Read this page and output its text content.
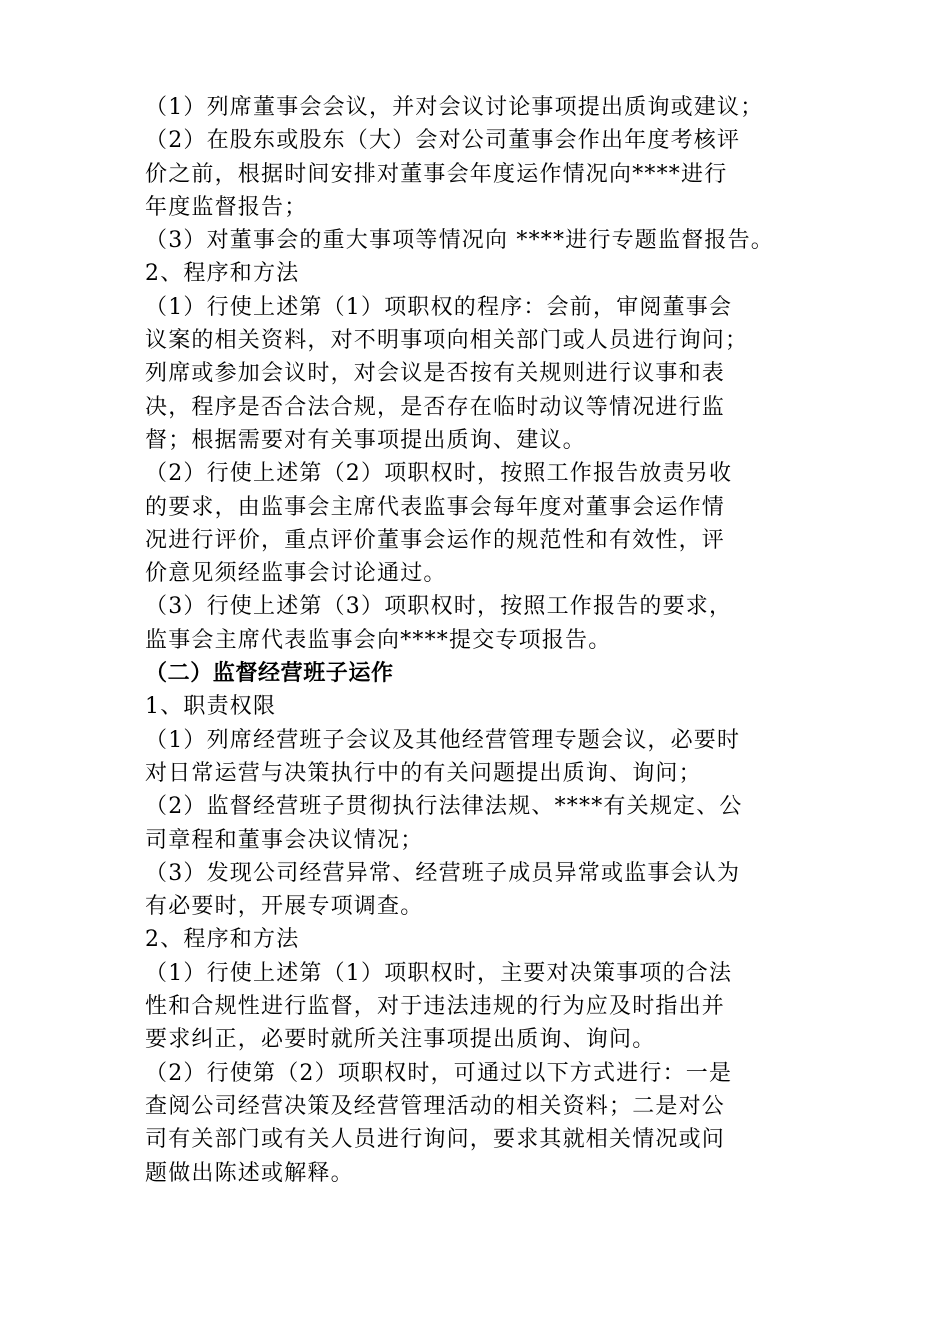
（1）列席董事会会议，并对会议讨论事项提出质询或建议；
（2）在股东或股东（大）会对公司董事会作出年度考核评
价之前，根据时间安排对董事会年度运作情况向****进行
年度监督报告；
（3）对董事会的重大事项等情况向 ****进行专题监督报告。
2、程序和方法
（1）行使上述第（1）项职权的程序：会前，审阅董事会
议案的相关资料，对不明事项向相关部门或人员进行询问；
列席或参加会议时，对会议是否按有关规则进行议事和表
决，程序是否合法合规，是否存在临时动议等情况进行监
督；根据需要对有关事项提出质询、建议。
（2）行使上述第（2）项职权时，按照工作报告放责另收
的要求，由监事会主席代表监事会每年度对董事会运作情
况进行评价，重点评价董事会运作的规范性和有效性，评
价意见须经监事会讨论通过。
（3）行使上述第（3）项职权时，按照工作报告的要求，
监事会主席代表监事会向****提交专项报告。
（二）监督经营班子运作
1、职责权限
（1）列席经营班子会议及其他经营管理专题会议，必要时
对日常运营与决策执行中的有关问题提出质询、询问；
（2）监督经营班子贯彻执行法律法规、****有关规定、公
司章程和董事会决议情况；
（3）发现公司经营异常、经营班子成员异常或监事会认为
有必要时，开展专项调查。
2、程序和方法
（1）行使上述第（1）项职权时，主要对决策事项的合法
性和合规性进行监督，对于违法违规的行为应及时指出并
要求纠正，必要时就所关注事项提出质询、询问。
（2）行使第（2）项职权时，可通过以下方式进行：一是
查阅公司经营决策及经营管理活动的相关资料；二是对公
司有关部门或有关人员进行询问，要求其就相关情况或问
题做出陈述或解释。
